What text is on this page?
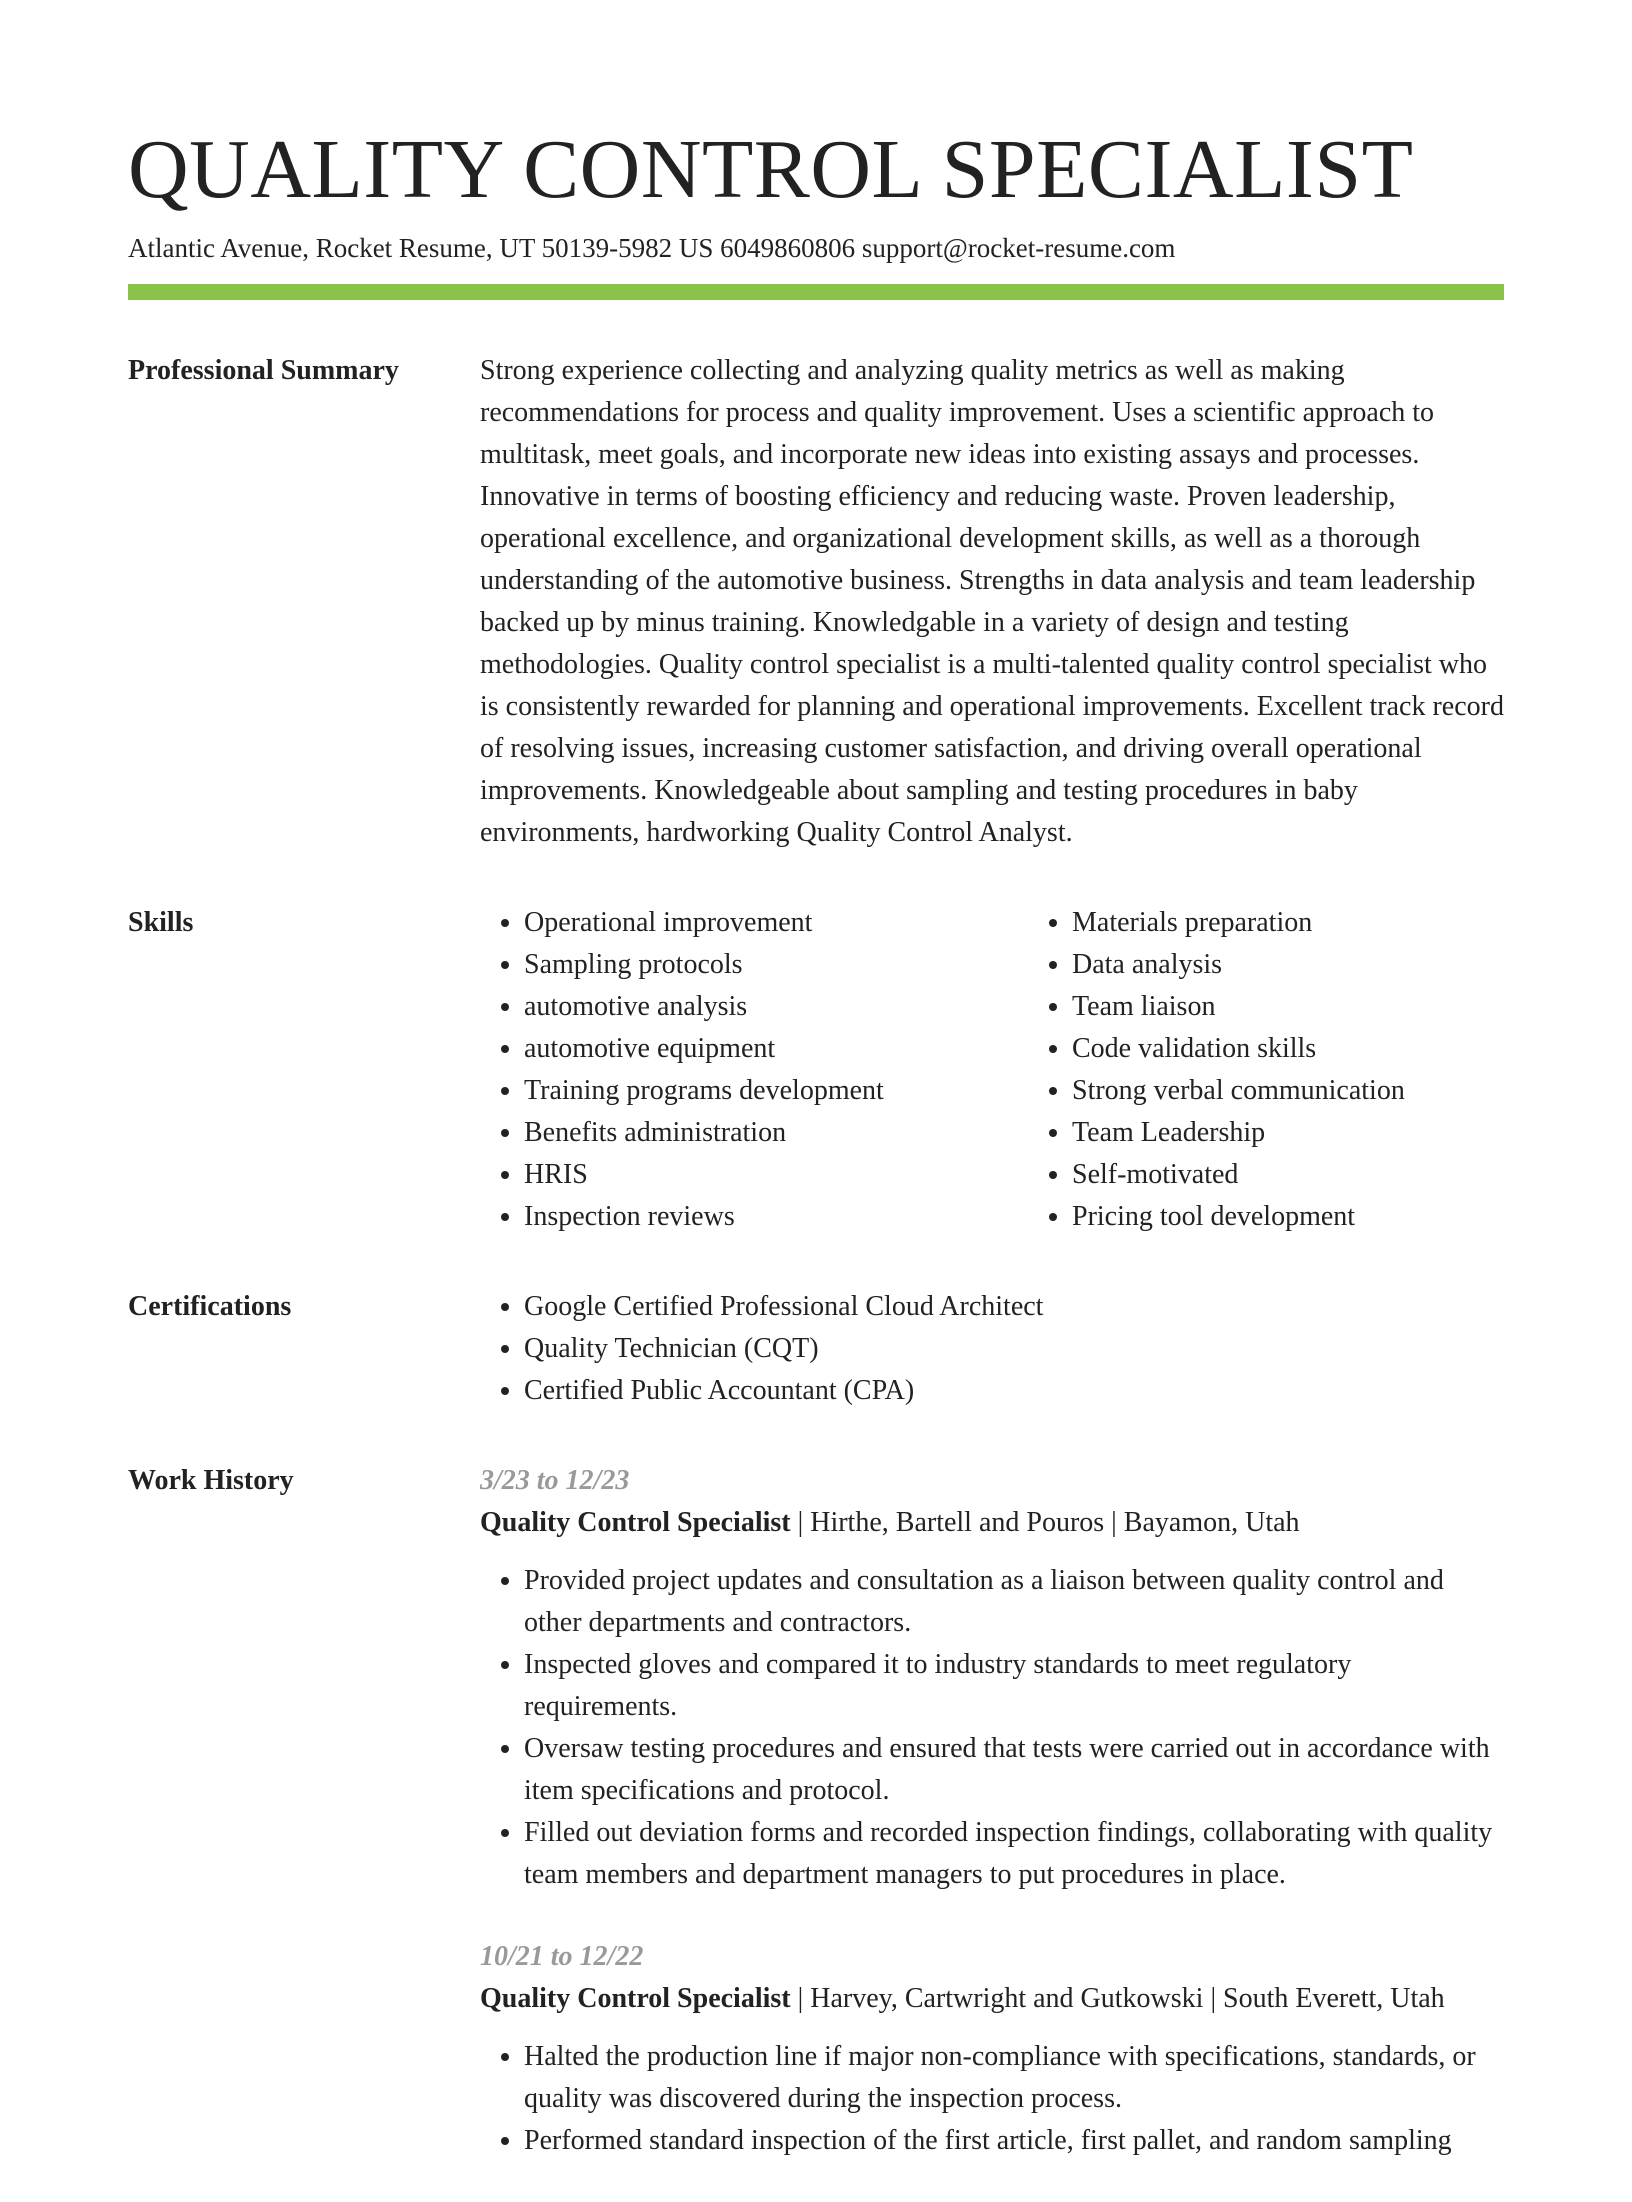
QUALITY CONTROL SPECIALIST
Atlantic Avenue, Rocket Resume, UT 50139-5982 US 6049860806 support@rocket-resume.com
Professional Summary	Strong experience collecting and analyzing quality metrics as well as making recommendations for process and quality improvement. Uses a scientific approach to multitask, meet goals, and incorporate new ideas into existing assays and processes. Innovative in terms of boosting efficiency and reducing waste. Proven leadership, operational excellence, and organizational development skills, as well as a thorough understanding of the automotive business. Strengths in data analysis and team leadership backed up by minus training. Knowledgable in a variety of design and testing methodologies. Quality control specialist is a multi-talented quality control specialist who is consistently rewarded for planning and operational improvements. Excellent track record of resolving issues, increasing customer satisfaction, and driving overall operational improvements. Knowledgeable about sampling and testing procedures in baby environments, hardworking Quality Control Analyst.

Skills	• Operational improvement
• Sampling protocols
• automotive analysis
• automotive equipment
• Training programs development
• Benefits administration
• HRIS
• Inspection reviews
• Materials preparation
• Data analysis
• Team liaison
• Code validation skills
• Strong verbal communication
• Team Leadership
• Self-motivated
• Pricing tool development
Certifications	• Google Certified Professional Cloud Architect
• Quality Technician (CQT)
• Certified Public Accountant (CPA)
Work History	3/23 to 12/23
Quality Control Specialist | Hirthe, Bartell and Pouros | Bayamon, Utah
• Provided project updates and consultation as a liaison between quality control and other departments and contractors.
• Inspected gloves and compared it to industry standards to meet regulatory requirements.
• Oversaw testing procedures and ensured that tests were carried out in accordance with item specifications and protocol.
• Filled out deviation forms and recorded inspection findings, collaborating with quality team members and department managers to put procedures in place.
10/21 to 12/22
Quality Control Specialist | Harvey, Cartwright and Gutkowski | South Everett, Utah
• Halted the production line if major non-compliance with specifications, standards, or quality was discovered during the inspection process.
• Performed standard inspection of the first article, first pallet, and random sampling
